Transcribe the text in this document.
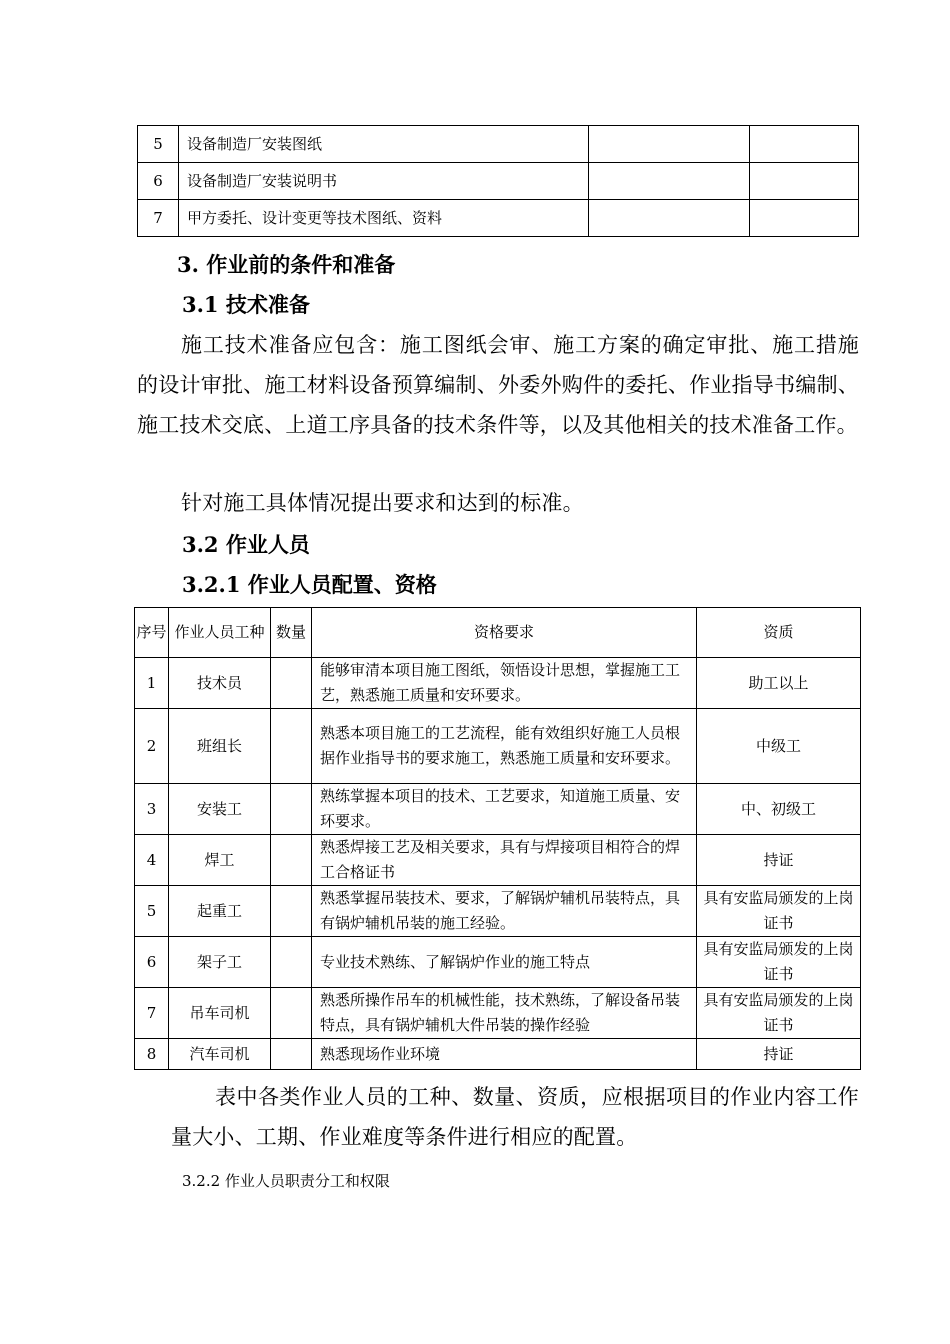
5	设备制造厂安装图纸		
6	设备制造厂安装说明书		
7	甲方委托、设计变更等技术图纸、资料		
3. 作业前的条件和准备
3.1 技术准备
施工技术准备应包含：施工图纸会审、施工方案的确定审批、施工措施的设计审批、施工材料设备预算编制、外委外购件的委托、作业指导书编制、施工技术交底、上道工序具备的技术条件等，以及其他相关的技术准备工作。
针对施工具体情况提出要求和达到的标准。
3.2 作业人员
3.2.1 作业人员配置、资格
序号	作业人员工种	数量	资格要求	资质
1	技术员		能够审清本项目施工图纸，领悟设计思想，掌握施工工艺，熟悉施工质量和安环要求。	助工以上
2	班组长		熟悉本项目施工的工艺流程，能有效组织好施工人员根据作业指导书的要求施工，熟悉施工质量和安环要求。	中级工
3	安装工		熟练掌握本项目的技术、工艺要求，知道施工质量、安环要求。	中、初级工
4	焊工		熟悉焊接工艺及相关要求，具有与焊接项目相符合的焊工合格证书	持证
5	起重工		熟悉掌握吊装技术、要求，了解锅炉辅机吊装特点，具有锅炉辅机吊装的施工经验。	具有安监局颁发的上岗证书
6	架子工		专业技术熟练、了解锅炉作业的施工特点	具有安监局颁发的上岗证书
7	吊车司机		熟悉所操作吊车的机械性能，技术熟练，了解设备吊装特点，具有锅炉辅机大件吊装的操作经验	具有安监局颁发的上岗证书
8	汽车司机		熟悉现场作业环境	持证
表中各类作业人员的工种、数量、资质，应根据项目的作业内容工作量大小、工期、作业难度等条件进行相应的配置。
3.2.2 作业人员职责分工和权限
